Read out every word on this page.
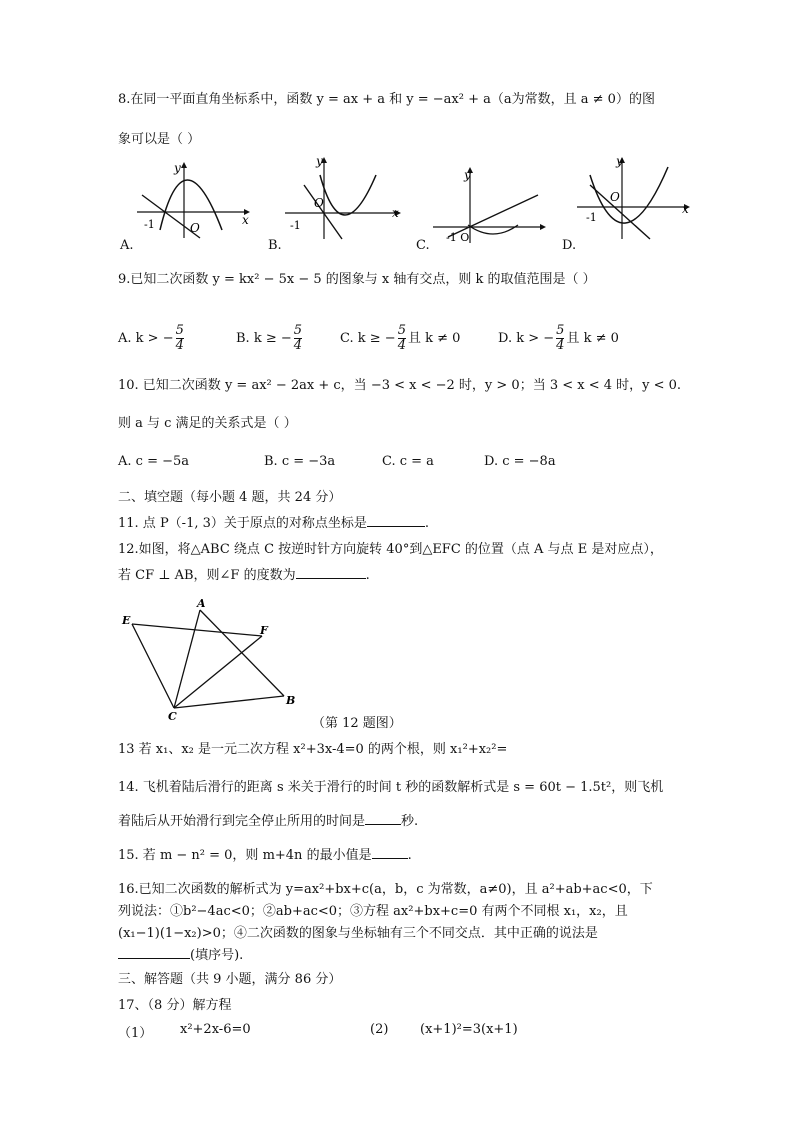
8.在同一平面直角坐标系中，函数 y = ax + a 和 y = −ax² + a（a为常数，且 a ≠ 0）的图
象可以是（ ）
y
x
O
-1
A.
y
x
O
-1
B.
y
-1 O
C.
y
x
O
-1
D.
9.已知二次函数 y = kx² − 5x − 5 的图象与 x 轴有交点，则 k 的取值范围是（ ）
A. k > − $\frac{5}{4}$	B. k ≥ − $\frac{5}{4}$	C. k ≥ − $\frac{5}{4}$ 且 k ≠ 0	D. k > − $\frac{5}{4}$ 且 k ≠ 0
10. 已知二次函数 y = ax² − 2ax + c，当 −3 < x < −2 时，y > 0；当 3 < x < 4 时，y < 0.
则 a 与 c 满足的关系式是（ ）
A. c = −5a	B. c = −3a	C. c = a	D. c = −8a
二、填空题（每小题 4 题，共 24 分）
11. 点 P（-1, 3）关于原点的对称点坐标是	.
12.如图，将△ABC 绕点 C 按逆时针方向旋转 40°到△EFC 的位置（点 A 与点 E 是对应点），
若 CF ⊥ AB，则∠F 的度数为	.
E
A
F
B
C	（第 12 题图）
13 若 x₁、x₂ 是一元二次方程 x²+3x-4=0 的两个根，则 x₁²+x₂²=
14. 飞机着陆后滑行的距离 s 米关于滑行的时间 t 秒的函数解析式是 s = 60t − 1.5t²，则飞机
着陆后从开始滑行到完全停止所用的时间是	秒.
15. 若 m − n² = 0，则 m+4n 的最小值是	.
16.已知二次函数的解析式为 y=ax²+bx+c(a，b，c 为常数，a≠0)，且 a²+ab+ac<0，下
列说法：①b²−4ac<0；②ab+ac<0；③方程 ax²+bx+c=0 有两个不同根 x₁，x₂，且
(x₁−1)(1−x₂)>0；④二次函数的图象与坐标轴有三个不同交点．其中正确的说法是
(填序号).
三、解答题（共 9 小题，满分 86 分）
17、（8 分）解方程
（1） x²+2x-6=0	(2) (x+1)²=3(x+1)
